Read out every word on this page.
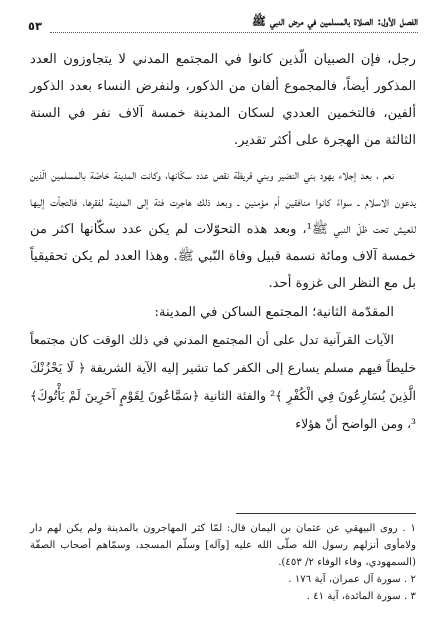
الفصل الأول: الصلاة بالمسلمين في مرض النبي ﷺ
٥٣

رجل، فإن الصبيان الّذين كانوا في المجتمع المدني لا يتجاوزون العدد المذكور أيضاً، فالمجموع ألفان من الذكور، ولنفرض النساء بعدد الذكور ألفين، فالتخمين العددي لسكان المدينة خمسة آلاف نفر في السنة الثالثة من الهجرة على أكثر تقدير.

نعم ، بعد إجلاء يهود بني النضير وبني قريظة نقص عدد سكّانها، وكانت المدينة خاصّة بالمسلمين الّذين يدعون الاسلام ـ سواءً كانوا منافقين أم مؤمنين ـ وبعد ذلك هاجرت فئة إلى المدينة لفقرها، فالتجأت إليها للعيش تحت ظلّ النبي ﷺ¹، وبعد هذه التحوّلات لم يكن عدد سكّانها اكثر من خمسة آلاف ومائة نسمة قبيل وفاة النّبي ﷺ. وهذا العدد لم يكن تحقيقياً بل مع النظر الى غزوة أحد.

المقدّمة الثانية؛ المجتمع الساكن في المدينة:

الآيات القرآنية تدل على أن المجتمع المدني في ذلك الوقت كان مجتمعاً خليطاً فيهم مسلم يسارع إلى الكفر كما تشير إليه الآية الشريفة ﴿ لَا يَحْزُنْكَ الَّذِينَ يُسَارِعُونَ فِي الْكُفْرِ ﴾² والفئة الثانية ﴿سَمَّاعُونَ لِقَوْمٍ آخَرِينَ لَمْ يَأْتُوكَ﴾³، ومن الواضح أنّ هؤلاء

١ . روى البيهقي عن عثمان بن اليمان قال: لمّا كثر المهاجرون بالمدينة ولم يكن لهم دار ولامأوى أنزلهم رسول الله صلّى الله عليه [وآله] وسلّم المسجد، وسمّاهم أصحاب الصفّة (السمهودي، وفاء الوفاء ٢/ ٤٥٣).

٢ . سورة آل عمران، آية ١٧٦ .

٣ . سورة المائدة، آية ٤١ .
